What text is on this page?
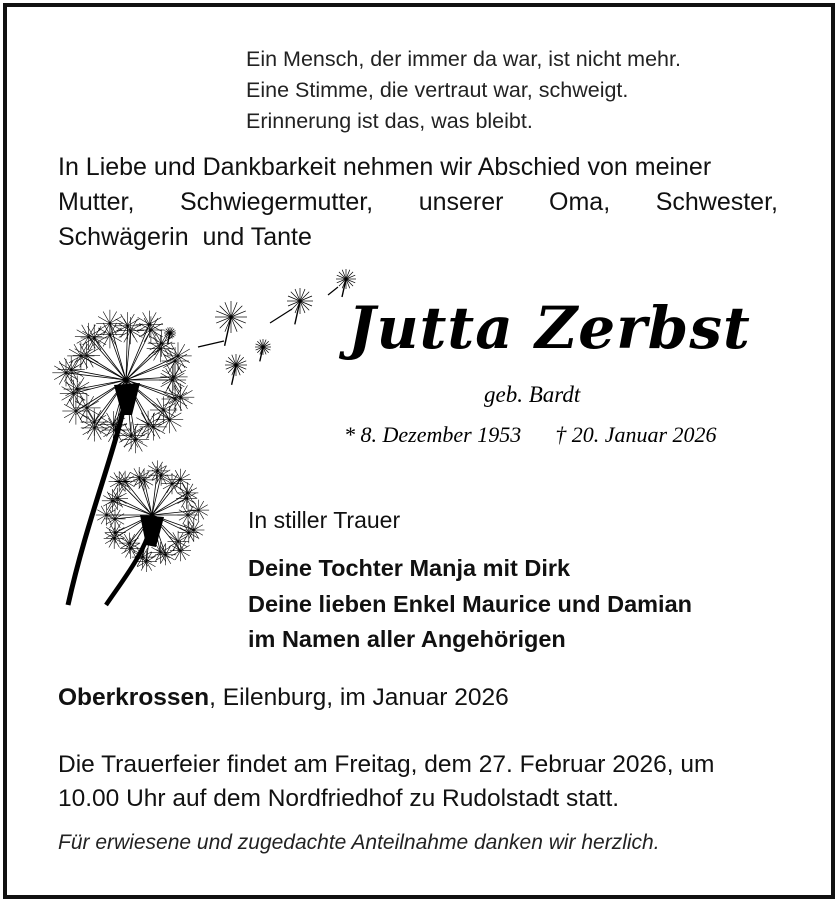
Ein Mensch, der immer da war, ist nicht mehr.
Eine Stimme, die vertraut war, schweigt.
Erinnerung ist das, was bleibt.
In Liebe und Dankbarkeit nehmen wir Abschied von meiner
Mutter, Schwiegermutter, unserer Oma, Schwester,
Schwägerin  und Tante
Jutta Zerbst
geb. Bardt
* 8. Dezember 1953 † 20. Januar 2026
In stiller Trauer
Deine Tochter Manja mit Dirk
Deine lieben Enkel Maurice und Damian
im Namen aller Angehörigen
Oberkrossen, Eilenburg, im Januar 2026
Die Trauerfeier findet am Freitag, dem 27. Februar 2026, um
10.00 Uhr auf dem Nordfriedhof zu Rudolstadt statt.
Für erwiesene und zugedachte Anteilnahme danken wir herzlich.
